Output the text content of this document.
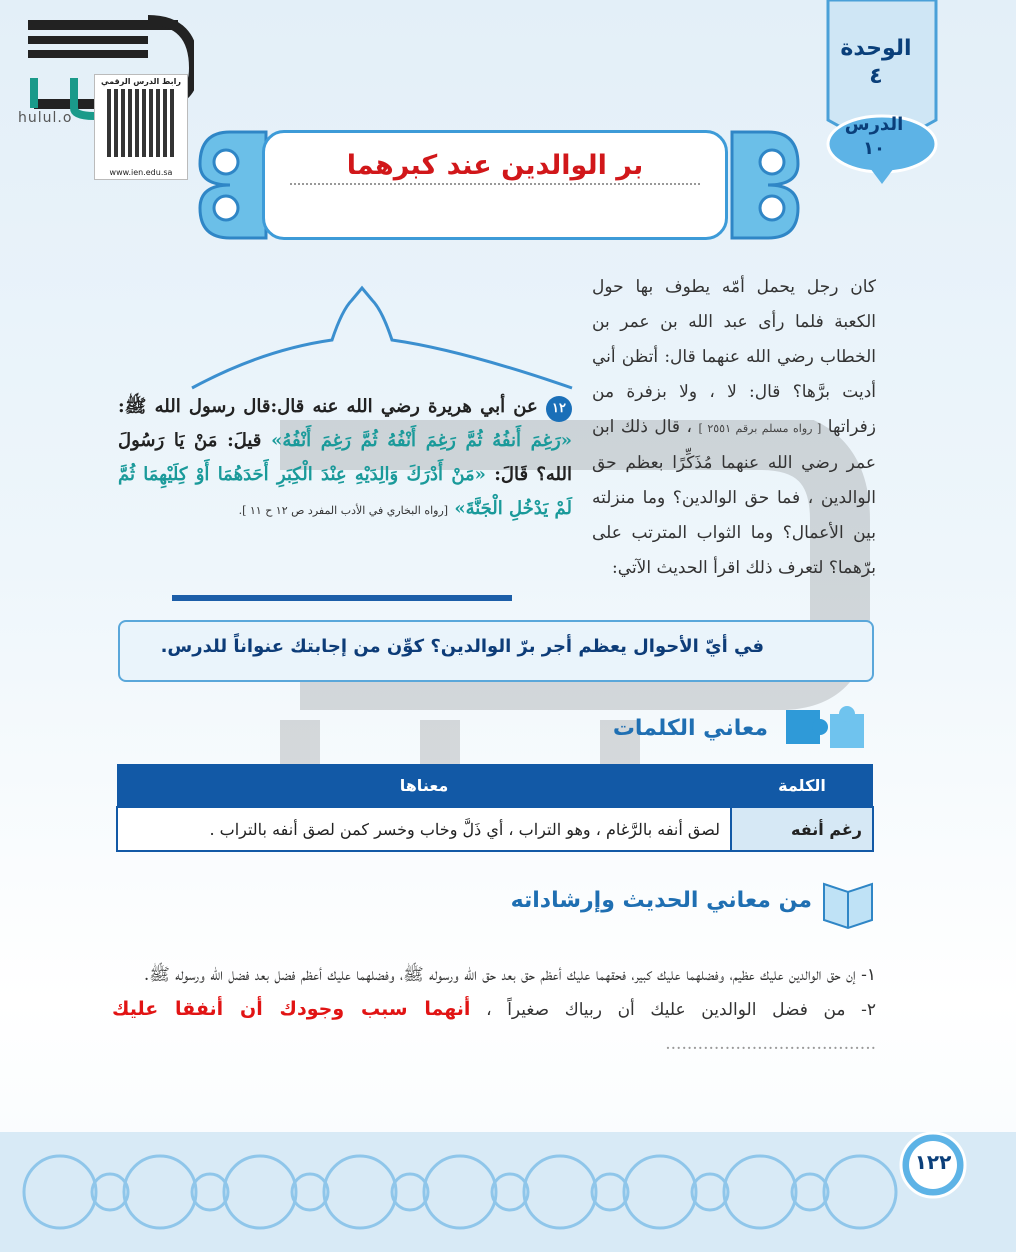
hulul.o
رابط الدرس الرقمي
www.ien.edu.sa
الوحدة
٤
الدرس
١٠
بر الوالدين عند كبرهما
كان رجل يحمل أمّه يطوف بها حول الكعبة فلما رأى عبد الله بن عمر بن الخطاب رضي الله عنهما قال: أتظن أني أديت برَّها؟ قال: لا ، ولا بزفرة من زفراتها [ رواه مسلم برقم ٢٥٥١ ] ، قال ذلك ابن عمر رضي الله عنهما مُذَكِّرًا بعظم حق الوالدين ، فما حق الوالدين؟ وما منزلته بين الأعمال؟ وما الثواب المترتب على برّهما؟ لتعرف ذلك اقرأ الحديث الآتي:
١٢ عن أبي هريرة رضي الله عنه قال:قال رسول الله ﷺ: «رَغِمَ أَنفُهُ ثُمَّ رَغِمَ أَنْفُهُ ثُمَّ رَغِمَ أَنْفُهُ» قيلَ: مَنْ يَا رَسُولَ الله؟ قَالَ: «مَنْ أَدْرَكَ وَالِدَيْهِ عِنْدَ الْكِبَرِ أَحَدَهُمَا أَوْ كِلَيْهِمَا ثُمَّ لَمْ يَدْخُلِ الْجَنَّةَ» [رواه البخاري في الأدب المفرد ص ١٢ ح ١١ ].
في أيّ الأحوال يعظم أجر برّ الوالدين؟ كوِّن من إجابتك عنواناً للدرس.
معاني الكلمات
الكلمة	معناها
رغم أنفه	لصق أنفه بالرَّغام ، وهو التراب ، أي ذَلَّ وخاب وخسر كمن لصق أنفه بالتراب .
من معاني الحديث وإرشاداته
١- إن حق الوالدين عليك عظيم، وفضلهما عليك كبير، فحقهما عليك أعظم حق بعد حق الله ورسوله ﷺ، وفضلهما عليك أعظم فضل بعد فضل الله ورسوله ﷺ.
٢- من فضل الوالدين عليك أن ربياك صغيراً ، أنهما سبب وجودك أن أنفقا عليك .......................................
١٢٢
